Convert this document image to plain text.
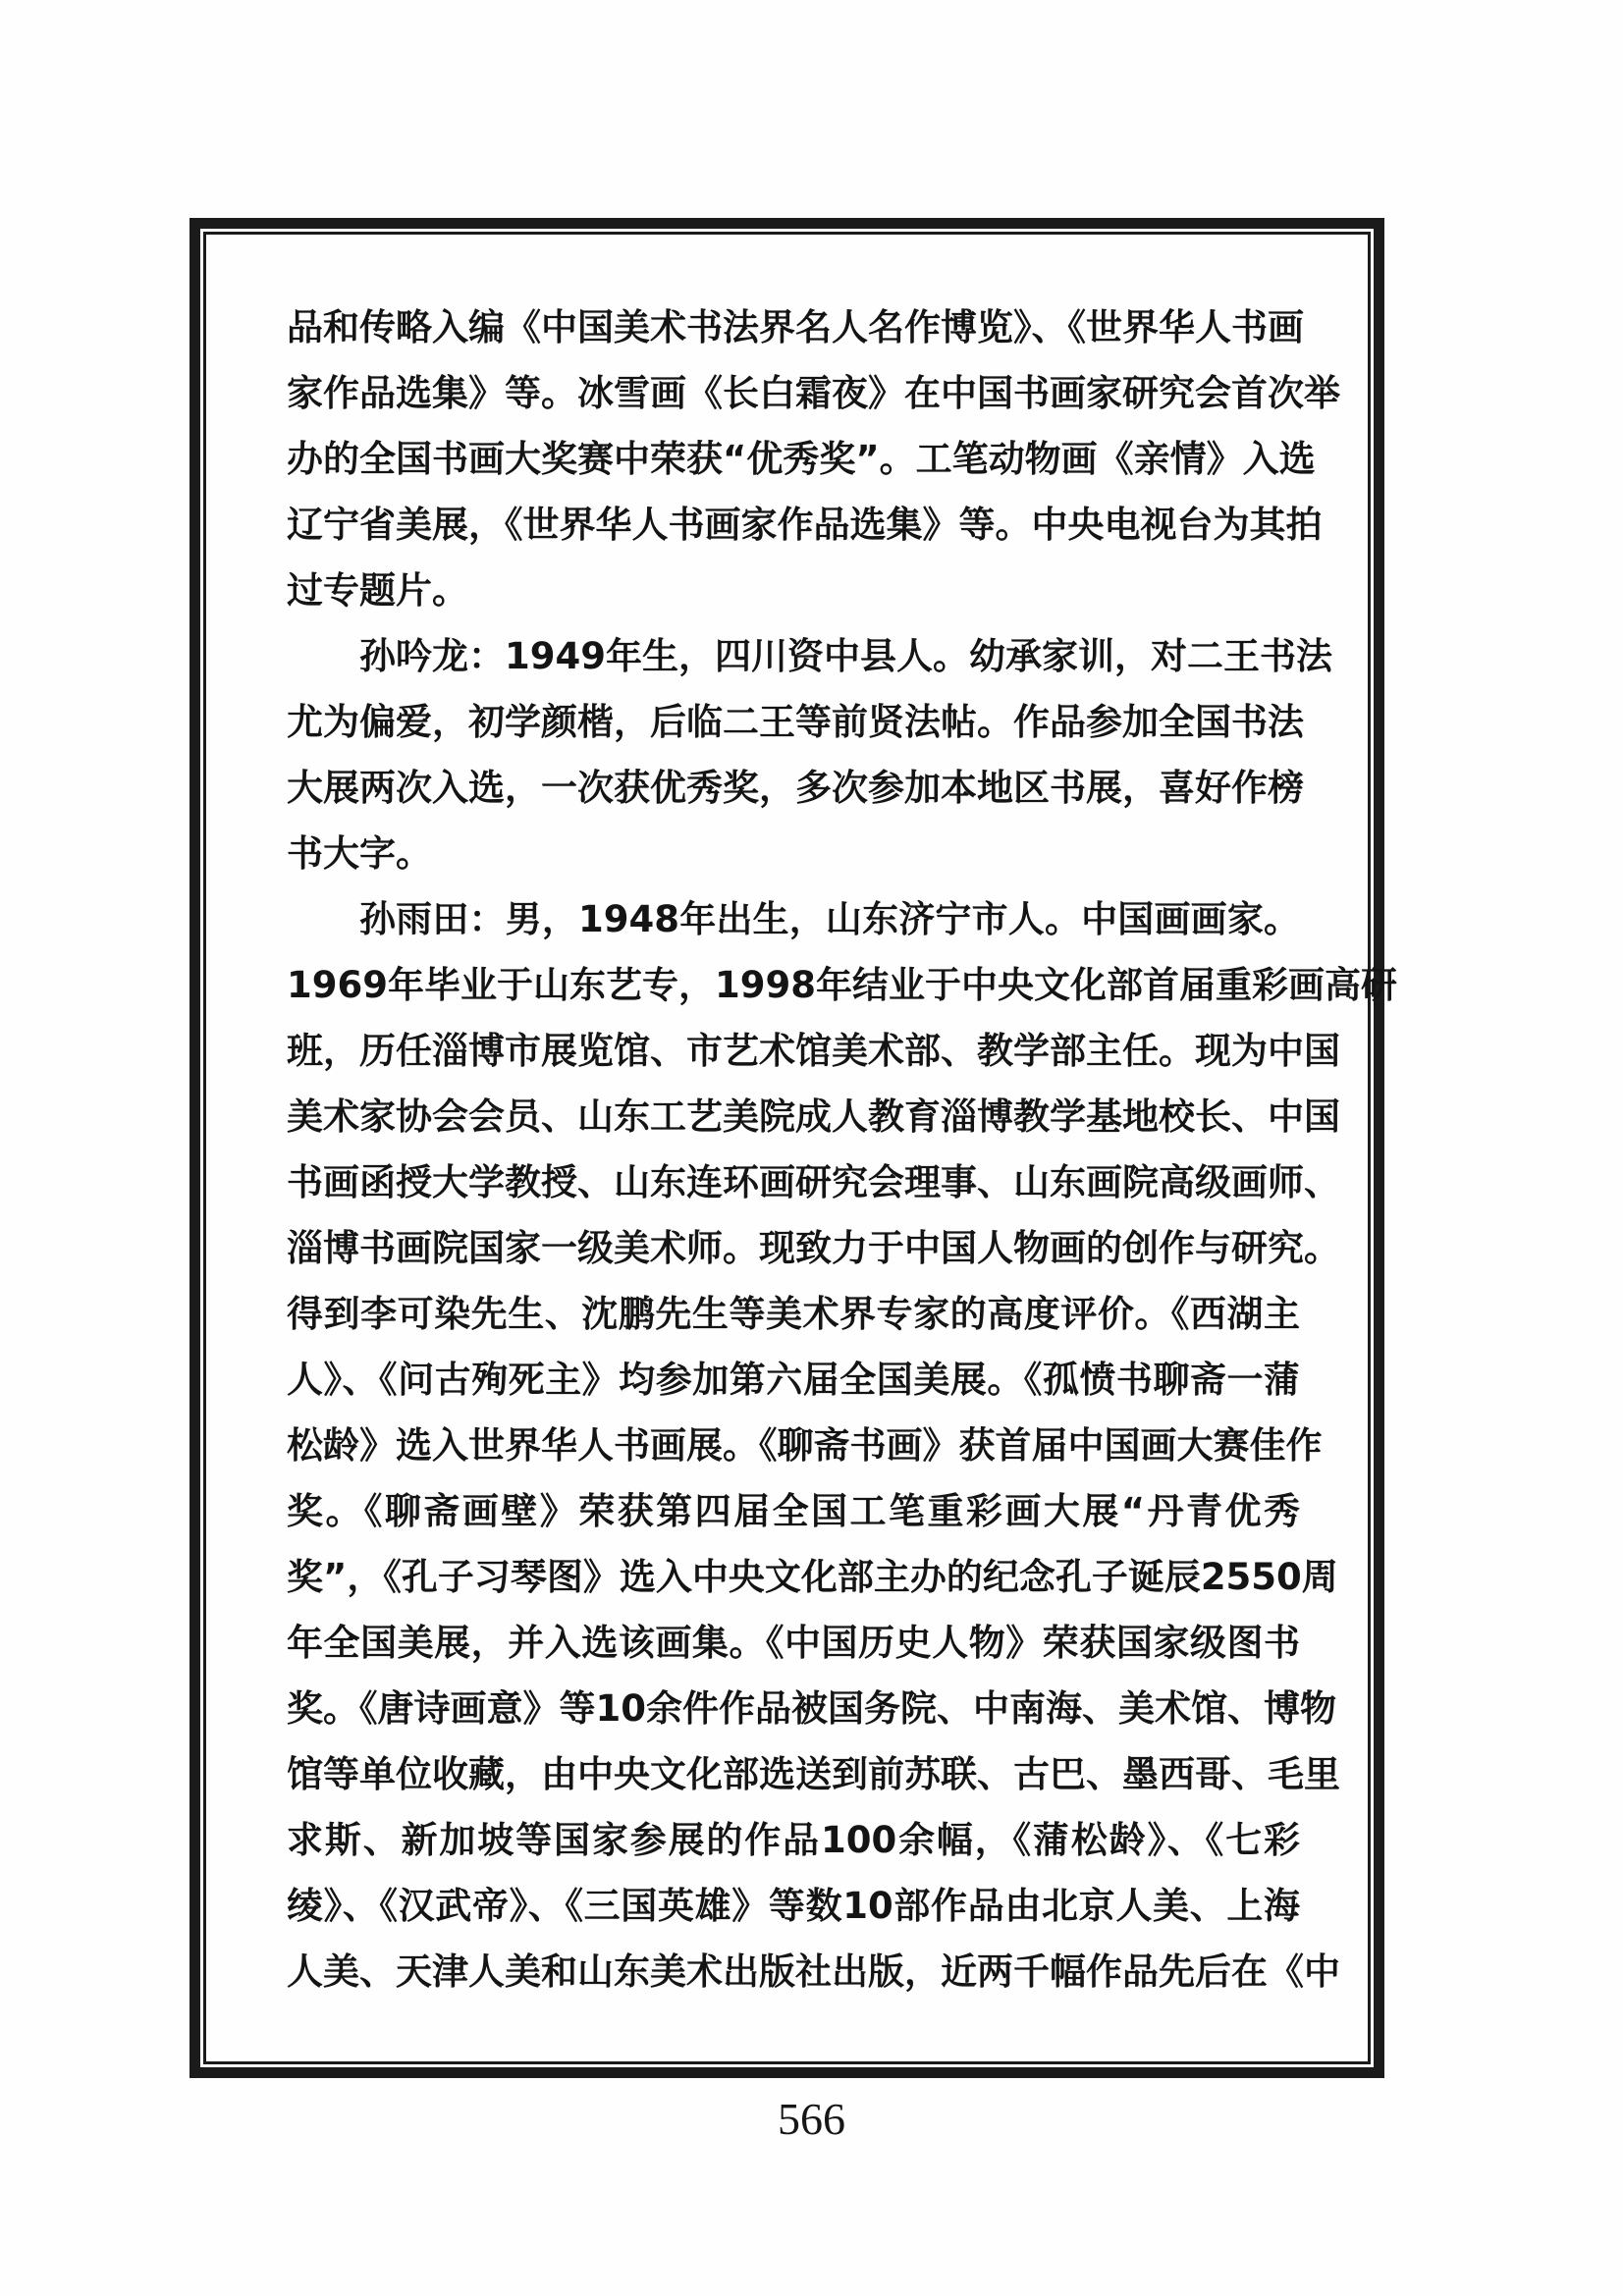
品和传略入编《中国美术书法界名人名作博览》、《世界华人书画
家作品选集》等。冰雪画《长白霜夜》在中国书画家研究会首次举
办的全国书画大奖赛中荣获“优秀奖”。工笔动物画《亲情》入选
辽宁省美展，《世界华人书画家作品选集》等。中央电视台为其拍
过专题片。
孙吟龙：1949年生，四川资中县人。幼承家训，对二王书法
尤为偏爱，初学颜楷，后临二王等前贤法帖。作品参加全国书法
大展两次入选，一次获优秀奖，多次参加本地区书展，喜好作榜
书大字。
孙雨田：男，1948年出生，山东济宁市人。中国画画家。
1969年毕业于山东艺专，1998年结业于中央文化部首届重彩画高研
班，历任淄博市展览馆、市艺术馆美术部、教学部主任。现为中国
美术家协会会员、山东工艺美院成人教育淄博教学基地校长、中国
书画函授大学教授、山东连环画研究会理事、山东画院高级画师、
淄博书画院国家一级美术师。现致力于中国人物画的创作与研究。
得到李可染先生、沈鹏先生等美术界专家的高度评价。《西湖主
人》、《问古殉死主》均参加第六届全国美展。《孤愤书聊斋一蒲
松龄》选入世界华人书画展。《聊斋书画》获首届中国画大赛佳作
奖。《聊斋画壁》荣获第四届全国工笔重彩画大展“丹青优秀
奖”，《孔子习琴图》选入中央文化部主办的纪念孔子诞辰2550周
年全国美展，并入选该画集。《中国历史人物》荣获国家级图书
奖。《唐诗画意》等10余件作品被国务院、中南海、美术馆、博物
馆等单位收藏，由中央文化部选送到前苏联、古巴、墨西哥、毛里
求斯、新加坡等国家参展的作品100余幅，《蒲松龄》、《七彩
绫》、《汉武帝》、《三国英雄》等数10部作品由北京人美、上海
人美、天津人美和山东美术出版社出版，近两千幅作品先后在《中
566
